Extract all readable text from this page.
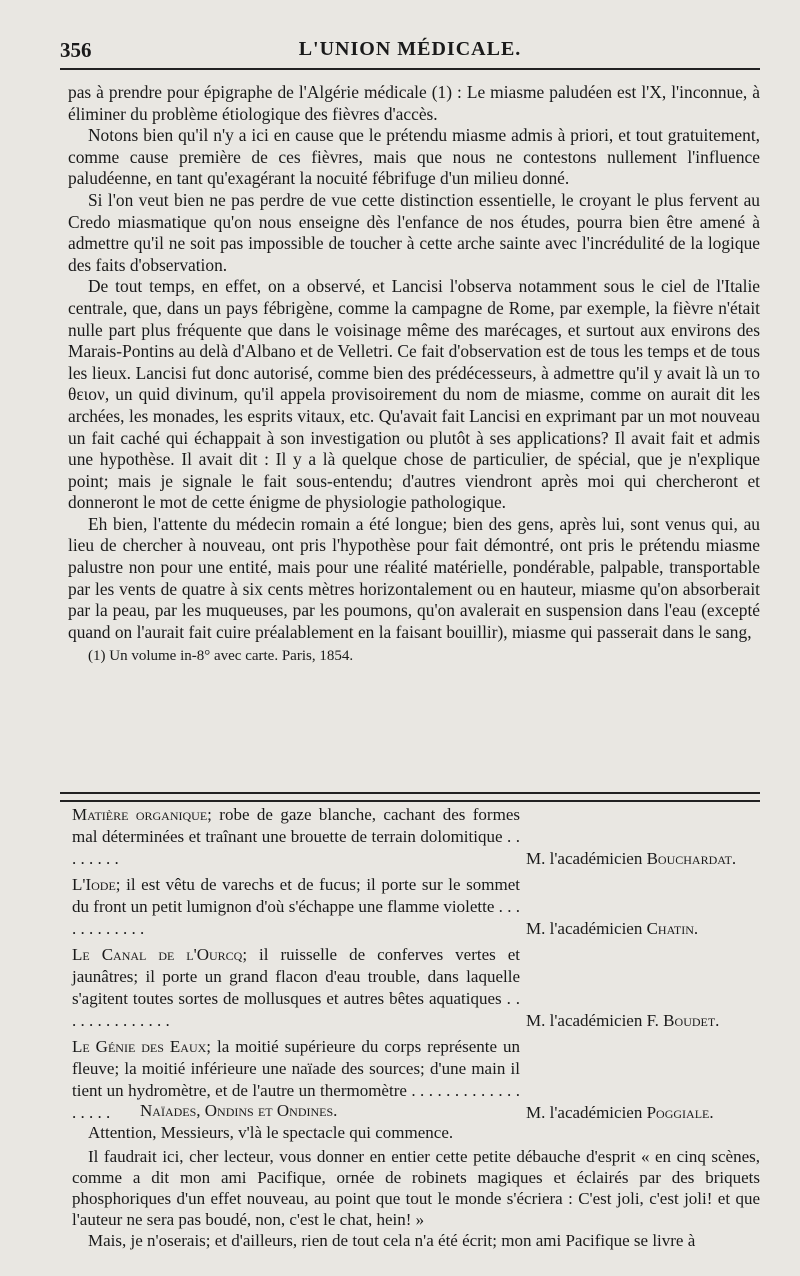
356	L'UNION MÉDICALE.

pas à prendre pour épigraphe de l'Algérie médicale (1) : Le miasme paludéen est l'X, l'inconnue, à éliminer du problème étiologique des fièvres d'accès.

Notons bien qu'il n'y a ici en cause que le prétendu miasme admis à priori, et tout gratuitement, comme cause première de ces fièvres, mais que nous ne contestons nullement l'influence paludéenne, en tant qu'exagérant la nocuité fébrifuge d'un milieu donné.

Si l'on veut bien ne pas perdre de vue cette distinction essentielle, le croyant le plus fervent au Credo miasmatique qu'on nous enseigne dès l'enfance de nos études, pourra bien être amené à admettre qu'il ne soit pas impossible de toucher à cette arche sainte avec l'incrédulité de la logique des faits d'observation.

De tout temps, en effet, on a observé, et Lancisi l'observa notamment sous le ciel de l'Italie centrale, que, dans un pays fébrigène, comme la campagne de Rome, par exemple, la fièvre n'était nulle part plus fréquente que dans le voisinage même des marécages, et surtout aux environs des Marais-Pontins au delà d'Albano et de Velletri. Ce fait d'observation est de tous les temps et de tous les lieux. Lancisi fut donc autorisé, comme bien des prédécesseurs, à admettre qu'il y avait là un το θειον, un quid divinum, qu'il appela provisoirement du nom de miasme, comme on aurait dit les archées, les monades, les esprits vitaux, etc. Qu'avait fait Lancisi en exprimant par un mot nouveau un fait caché qui échappait à son investigation ou plutôt à ses applications? Il avait fait et admis une hypothèse. Il avait dit : Il y a là quelque chose de particulier, de spécial, que je n'explique point; mais je signale le fait sous-entendu; d'autres viendront après moi qui chercheront et donneront le mot de cette énigme de physiologie pathologique.

Eh bien, l'attente du médecin romain a été longue; bien des gens, après lui, sont venus qui, au lieu de chercher à nouveau, ont pris l'hypothèse pour fait démontré, ont pris le prétendu miasme palustre non pour une entité, mais pour une réalité matérielle, pondérable, palpable, transportable par les vents de quatre à six cents mètres horizontalement ou en hauteur, miasme qu'on absorberait par la peau, par les muqueuses, par les poumons, qu'on avalerait en suspension dans l'eau (excepté quand on l'aurait fait cuire préalablement en la faisant bouillir), miasme qui passerait dans le sang,

(1) Un volume in-8° avec carte. Paris, 1854.

Matière organique; robe de gaze blanche, cachant des formes mal déterminées et traînant une brouette de terrain dolomitique . . . . . . . .	M. l'académicien Bouchardat.
L'Iode; il est vêtu de varechs et de fucus; il porte sur le sommet du front un petit lumignon d'où s'échappe une flamme violette . . . . . . . . . . . .	M. l'académicien Chatin.
Le Canal de l'Ourcq; il ruisselle de conferves vertes et jaunâtres; il porte un grand flacon d'eau trouble, dans laquelle s'agitent toutes sortes de mollusques et autres bêtes aquatiques . . . . . . . . . . . . . .	M. l'académicien F. Boudet.
Le Génie des Eaux; la moitié supérieure du corps représente un fleuve; la moitié inférieure une naïade des sources; d'une main il tient un hydromètre, et de l'autre un thermomètre . . . . . . . . . . . . . . . . . .	M. l'académicien Poggiale.

Naïades, Ondins et Ondines.

Attention, Messieurs, v'là le spectacle qui commence.

Il faudrait ici, cher lecteur, vous donner en entier cette petite débauche d'esprit « en cinq scènes, comme a dit mon ami Pacifique, ornée de robinets magiques et éclairés par des briquets phosphoriques d'un effet nouveau, au point que tout le monde s'écriera : C'est joli, c'est joli! et que l'auteur ne sera pas boudé, non, c'est le chat, hein! »

Mais, je n'oserais; et d'ailleurs, rien de tout cela n'a été écrit; mon ami Pacifique se livre à
